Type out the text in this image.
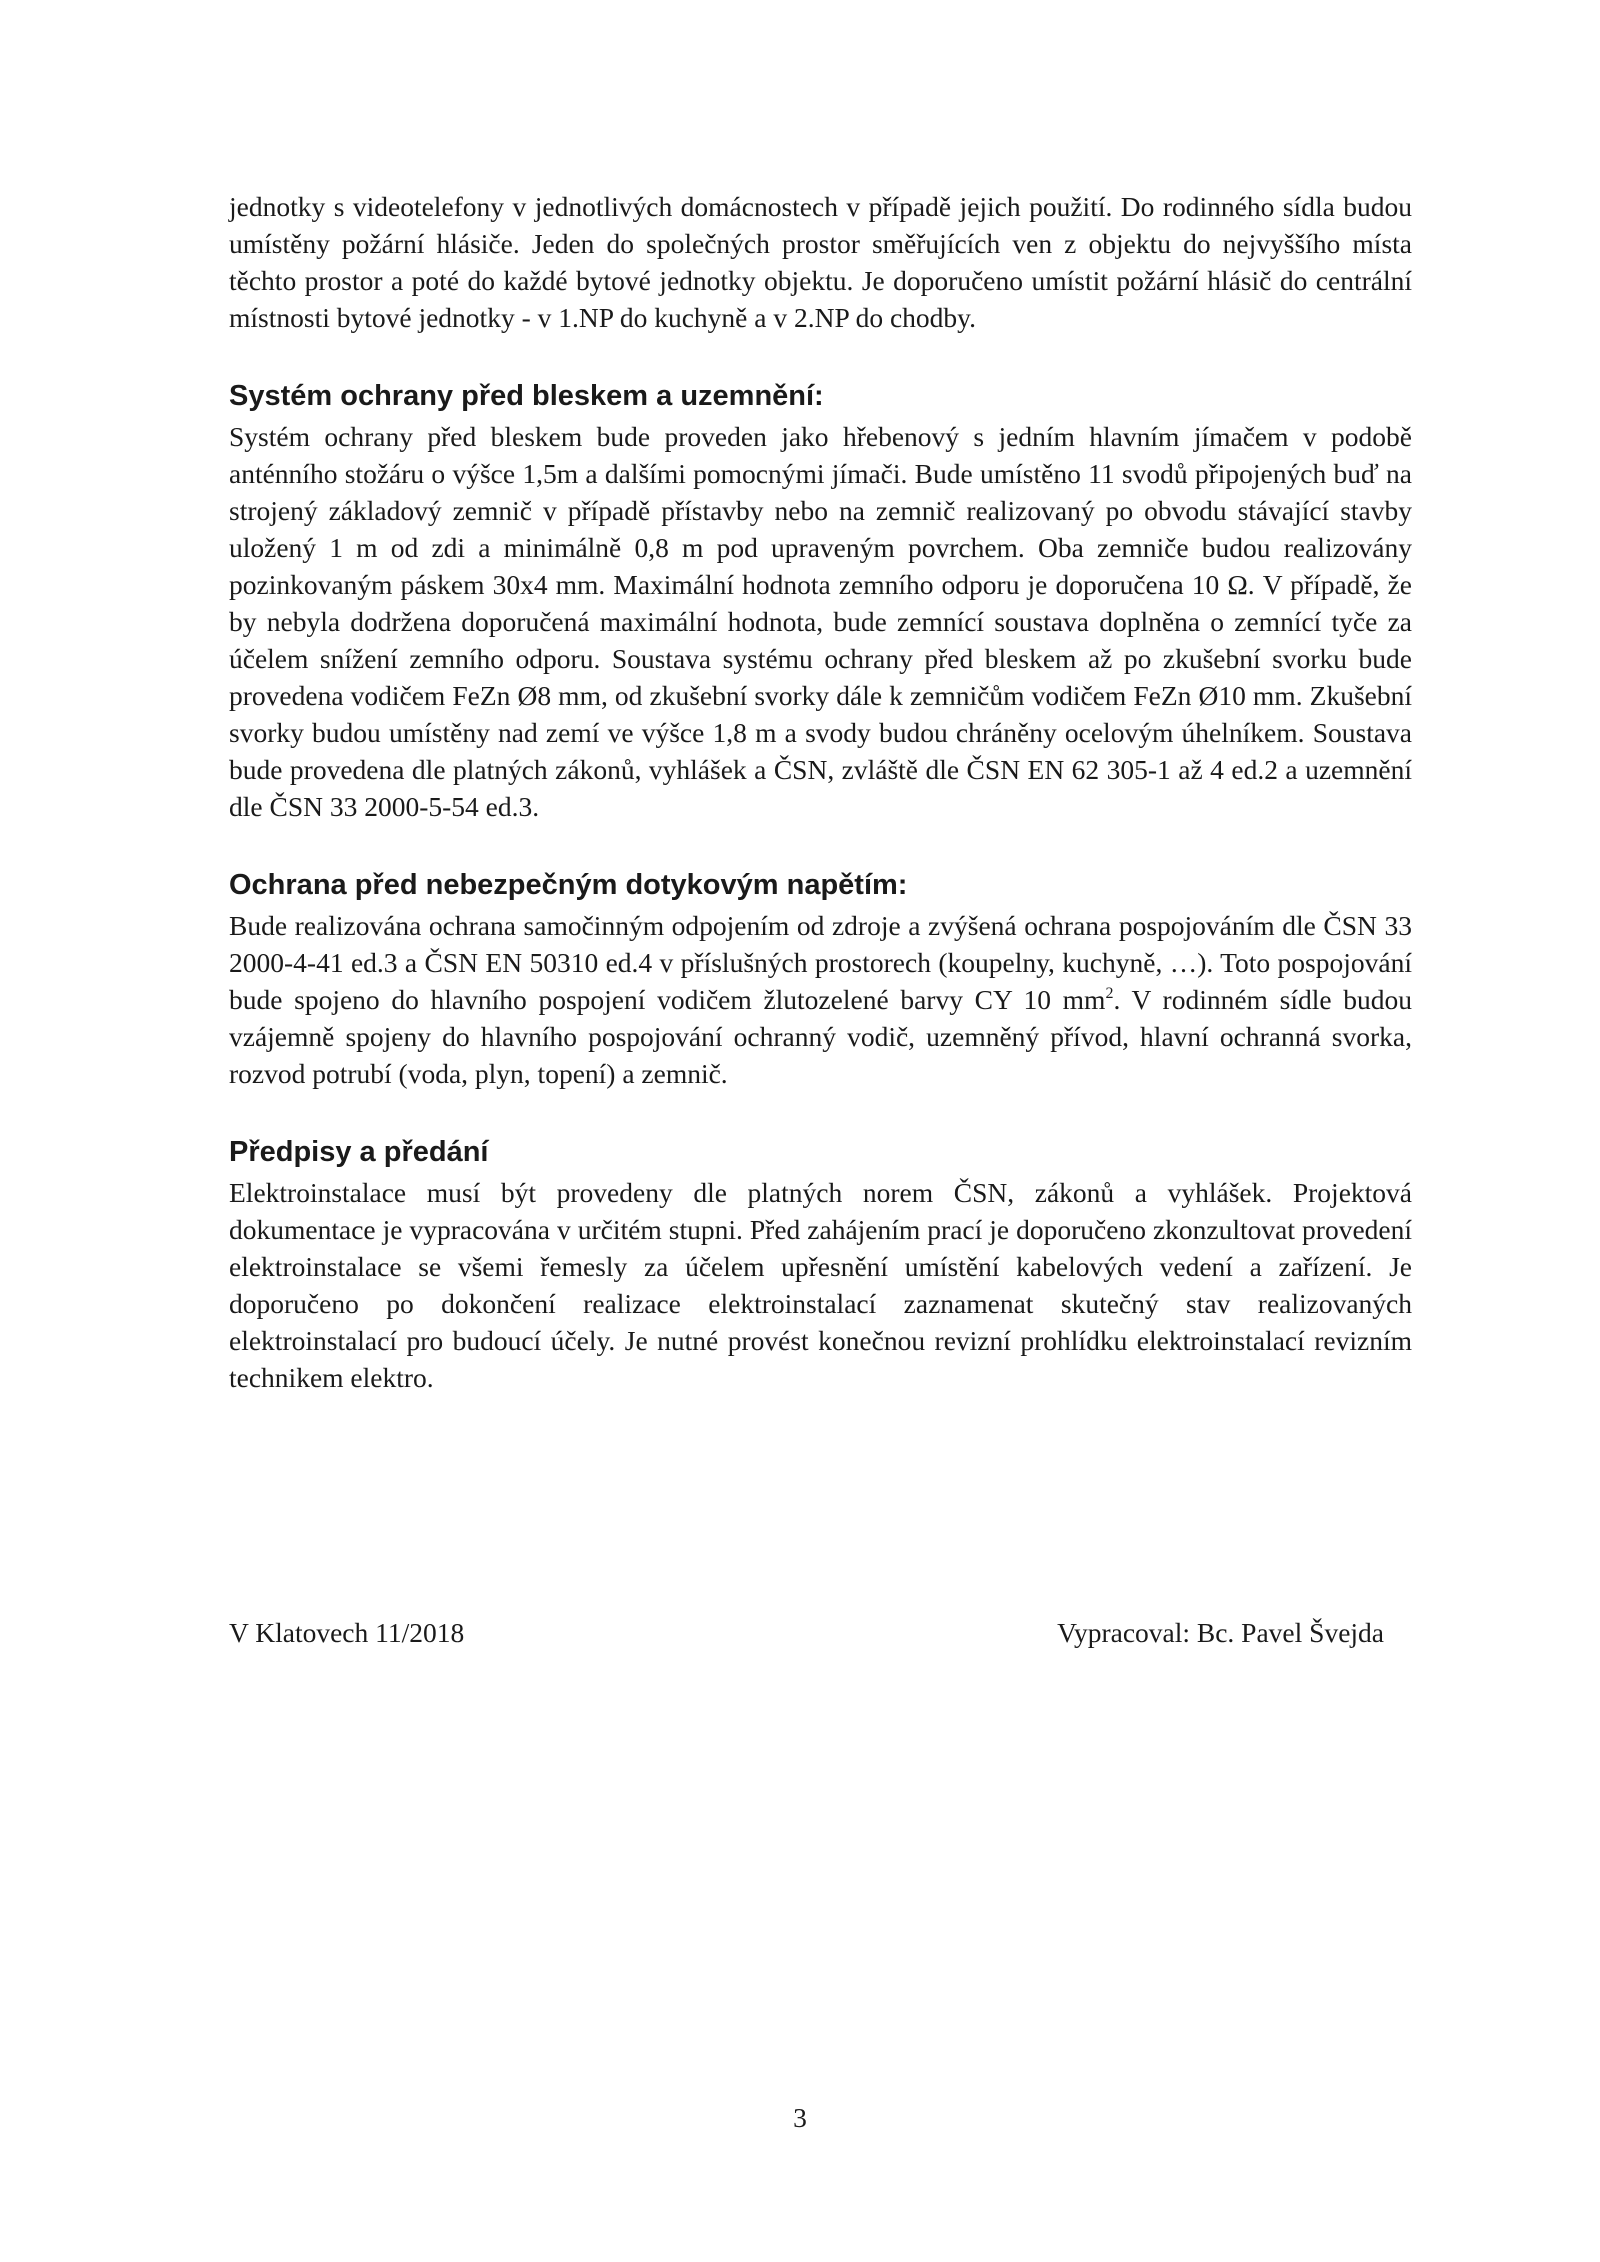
jednotky s videotelefony v jednotlivých domácnostech v případě jejich použití. Do rodinného sídla budou umístěny požární hlásiče. Jeden do společných prostor směřujících ven z objektu do nejvyššího místa těchto prostor a poté do každé bytové jednotky objektu. Je doporučeno umístit požární hlásič do centrální místnosti bytové jednotky - v 1.NP do kuchyně a v 2.NP do chodby.

Systém ochrany před bleskem a uzemnění:

Systém ochrany před bleskem bude proveden jako hřebenový s jedním hlavním jímačem v podobě anténního stožáru o výšce 1,5m a dalšími pomocnými jímači. Bude umístěno 11 svodů připojených buď na strojený základový zemnič v případě přístavby nebo na zemnič realizovaný po obvodu stávající stavby uložený 1 m od zdi a minimálně 0,8 m pod upraveným povrchem. Oba zemniče budou realizovány pozinkovaným páskem 30x4 mm. Maximální hodnota zemního odporu je doporučena 10 Ω. V případě, že by nebyla dodržena doporučená maximální hodnota, bude zemnící soustava doplněna o zemnící tyče za účelem snížení zemního odporu. Soustava systému ochrany před bleskem až po zkušební svorku bude provedena vodičem FeZn Ø8 mm, od zkušební svorky dále k zemničům vodičem FeZn Ø10 mm. Zkušební svorky budou umístěny nad zemí ve výšce 1,8 m a svody budou chráněny ocelovým úhelníkem. Soustava bude provedena dle platných zákonů, vyhlášek a ČSN, zvláště dle ČSN EN 62 305-1 až 4 ed.2 a uzemnění dle ČSN 33 2000-5-54 ed.3.

Ochrana před nebezpečným dotykovým napětím:

Bude realizována ochrana samočinným odpojením od zdroje a zvýšená ochrana pospojováním dle ČSN 33 2000-4-41 ed.3 a ČSN EN 50310 ed.4 v příslušných prostorech (koupelny, kuchyně, …). Toto pospojování bude spojeno do hlavního pospojení vodičem žlutozelené barvy CY 10 $mm^2$. V rodinném sídle budou vzájemně spojeny do hlavního pospojování ochranný vodič, uzemněný přívod, hlavní ochranná svorka, rozvod potrubí (voda, plyn, topení) a zemnič.

Předpisy a předání

Elektroinstalace musí být provedeny dle platných norem ČSN, zákonů a vyhlášek. Projektová dokumentace je vypracována v určitém stupni. Před zahájením prací je doporučeno zkonzultovat provedení elektroinstalace se všemi řemesly za účelem upřesnění umístění kabelových vedení a zařízení. Je doporučeno po dokončení realizace elektroinstalací zaznamenat skutečný stav realizovaných elektroinstalací pro budoucí účely. Je nutné provést konečnou revizní prohlídku elektroinstalací revizním technikem elektro.

V Klatovech 11/2018	Vypracoval: Bc. Pavel Švejda
3
